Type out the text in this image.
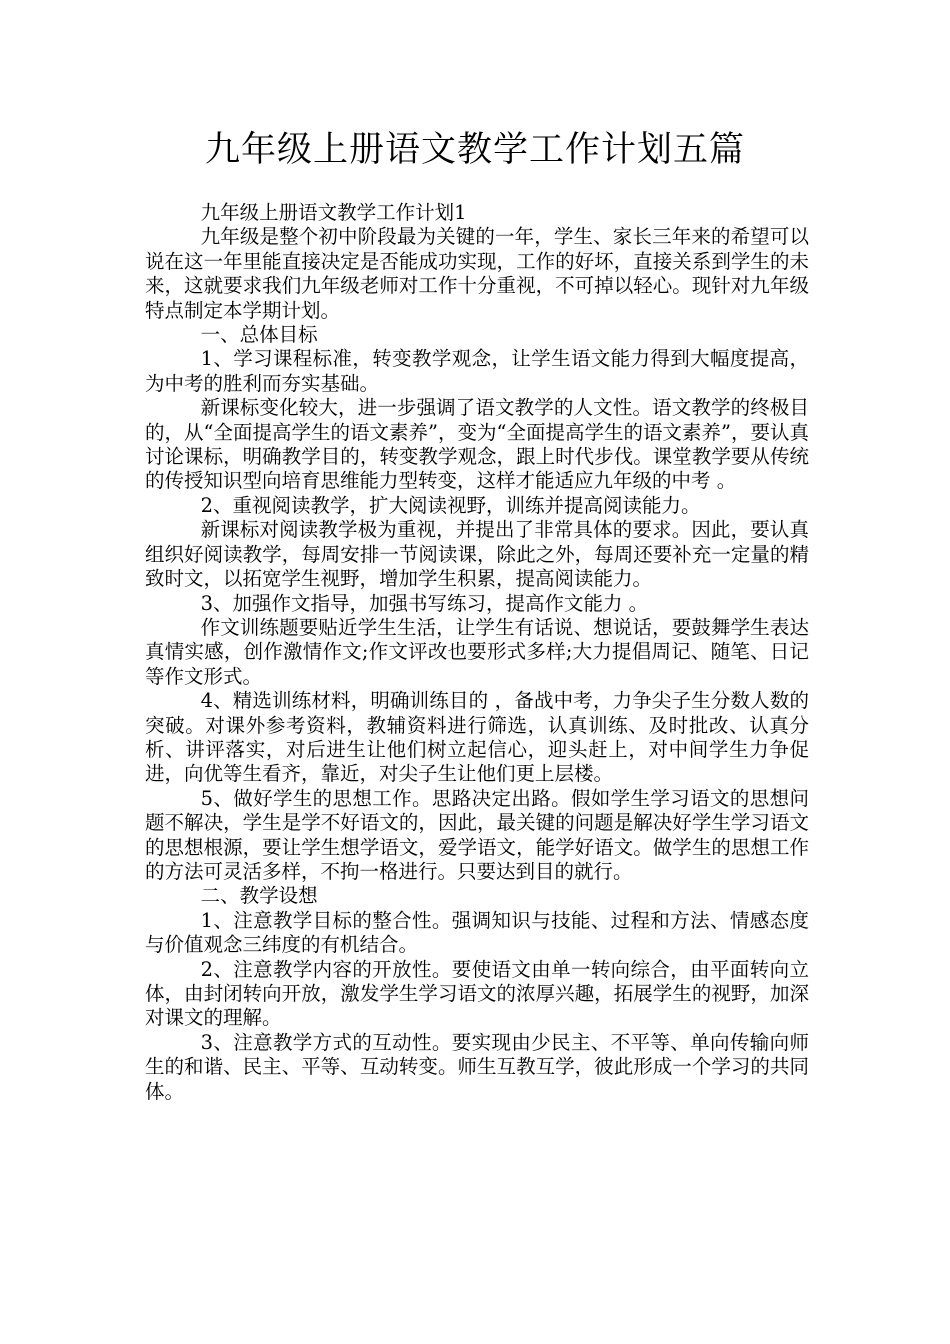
九年级上册语文教学工作计划五篇

九年级上册语文教学工作计划1

九年级是整个初中阶段最为关键的一年，学生、家长三年来的希望可以说在这一年里能直接决定是否能成功实现，工作的好坏，直接关系到学生的未来，这就要求我们九年级老师对工作十分重视，不可掉以轻心。现针对九年级特点制定本学期计划。

一、总体目标

1、学习课程标准，转变教学观念，让学生语文能力得到大幅度提高，为中考的胜利而夯实基础。

新课标变化较大，进一步强调了语文教学的人文性。语文教学的终极目的，从“全面提高学生的语文素养”，变为“全面提高学生的语文素养”，要认真讨论课标，明确教学目的，转变教学观念，跟上时代步伐。课堂教学要从传统的传授知识型向培育思维能力型转变，这样才能适应九年级的中考 。

2、重视阅读教学，扩大阅读视野，训练并提高阅读能力。

新课标对阅读教学极为重视，并提出了非常具体的要求。因此，要认真组织好阅读教学，每周安排一节阅读课，除此之外，每周还要补充一定量的精致时文，以拓宽学生视野，增加学生积累，提高阅读能力。

3、加强作文指导，加强书写练习，提高作文能力 。

作文训练题要贴近学生生活，让学生有话说、想说话，要鼓舞学生表达真情实感，创作激情作文;作文评改也要形式多样;大力提倡周记、随笔、日记等作文形式。

4、精选训练材料，明确训练目的 ，备战中考，力争尖子生分数人数的突破。对课外参考资料，教辅资料进行筛选，认真训练、及时批改、认真分析、讲评落实，对后进生让他们树立起信心，迎头赶上，对中间学生力争促进，向优等生看齐，靠近，对尖子生让他们更上层楼。

5、做好学生的思想工作。思路决定出路。假如学生学习语文的思想问题不解决，学生是学不好语文的，因此，最关键的问题是解决好学生学习语文的思想根源，要让学生想学语文，爱学语文，能学好语文。做学生的思想工作的方法可灵活多样，不拘一格进行。只要达到目的就行。

二、教学设想

1、注意教学目标的整合性。强调知识与技能、过程和方法、情感态度与价值观念三纬度的有机结合。

2、注意教学内容的开放性。要使语文由单一转向综合，由平面转向立体，由封闭转向开放，激发学生学习语文的浓厚兴趣，拓展学生的视野，加深对课文的理解。

3、注意教学方式的互动性。要实现由少民主、不平等、单向传输向师生的和谐、民主、平等、互动转变。师生互教互学，彼此形成一个学习的共同体。
